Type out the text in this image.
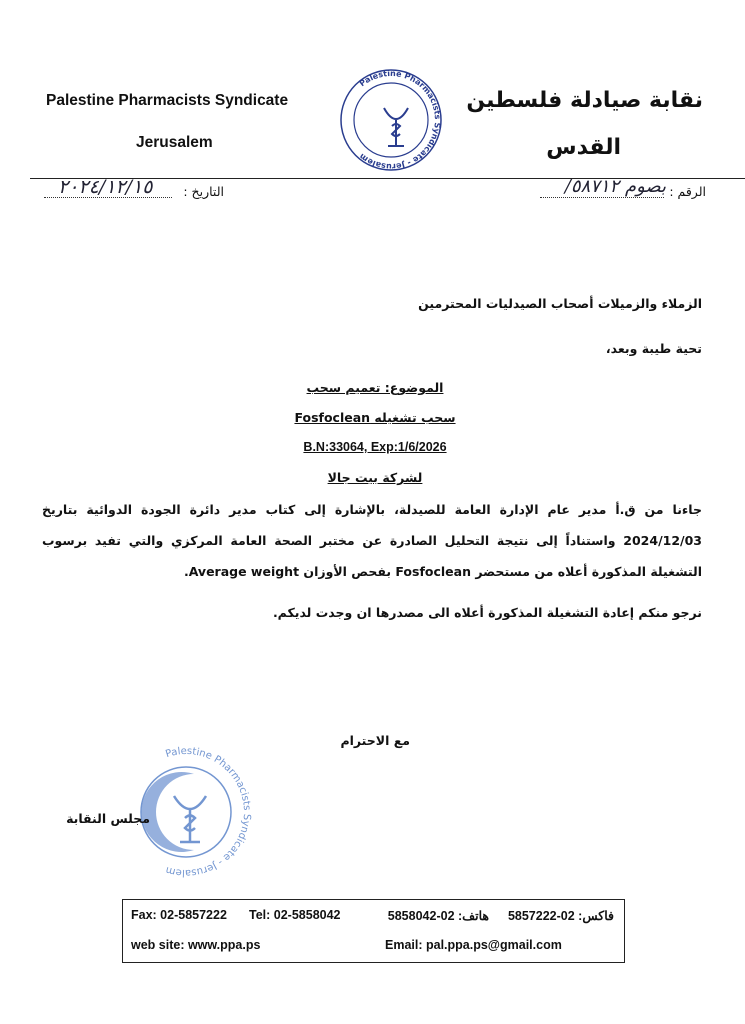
Palestine Pharmacists Syndicate
Jerusalem
نقابة صيادلة فلسطين
القدس
Palestine Pharmacists Syndicate - Jerusalem
التاريخ :
٢٠٢٤/١٢/١٥	الرقم :
بصوم ٥٨٧١٢/
الزملاء والزميلات أصحاب الصيدليات المحترمين
تحية طيبة وبعد،
الموضوع: تعميم سحب
سحب تشغيله Fosfoclean
B.N:33064, Exp:1/6/2026
لشركة بيت جالا
جاءنا من ق.أ مدير عام الإدارة العامة للصيدلة، بالإشارة إلى كتاب مدير دائرة الجودة الدوائية بتاريخ
2024/12/03 واستناداً إلى نتيجة التحليل الصادرة عن مختبر الصحة العامة المركزي والتي تفيد برسوب
التشغيلة المذكورة أعلاه من مستحضر Fosfoclean بفحص الأوزان Average weight.
نرجو منكم إعادة التشغيلة المذكورة أعلاه الى مصدرها ان وجدت لديكم.
مع الاحترام
Palestine Pharmacists Syndicate - Jerusalem
مجلس النقابة
Fax: 02-5857222 Tel: 02-5858042	هاتف: 02-5858042	فاكس: 02-5857222
web site: www.ppa.ps	Email: pal.ppa.ps@gmail.com
